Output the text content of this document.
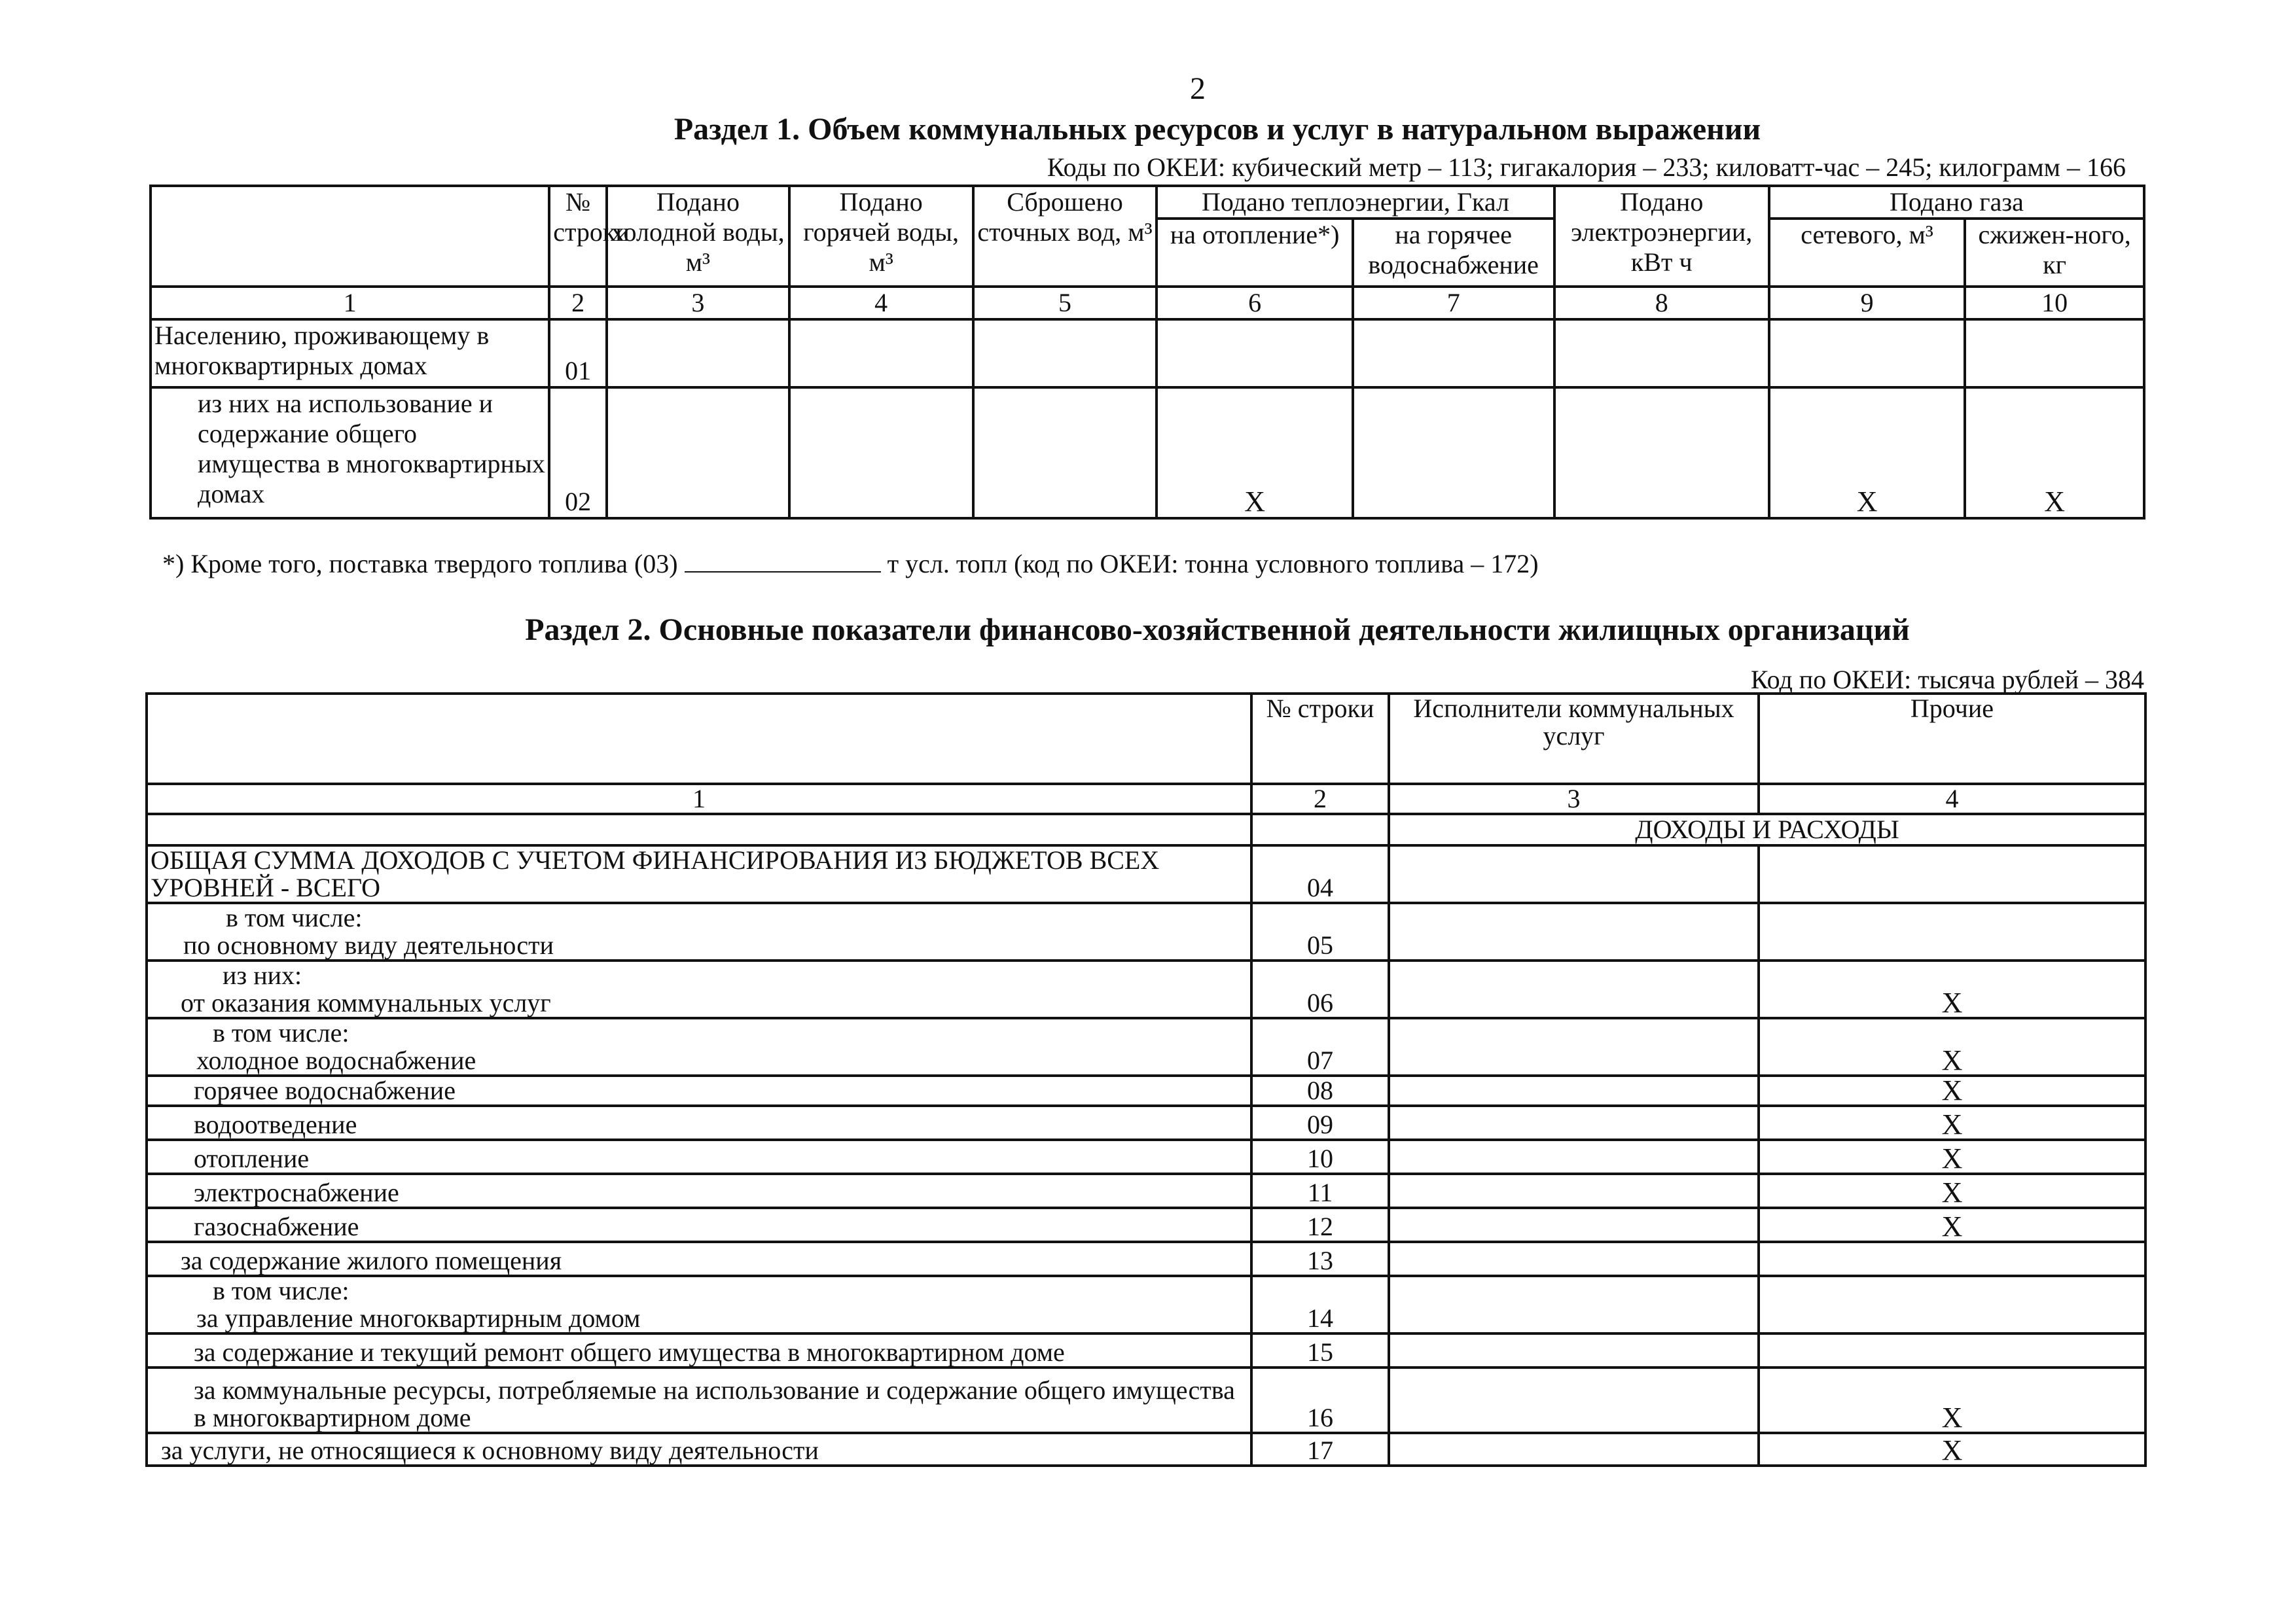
2
Раздел 1. Объем коммунальных ресурсов и услуг в натуральном выражении
Коды по ОКЕИ: кубический метр – 113; гигакалория – 233; киловатт-час – 245; килограмм – 166
	№ строки	Подано холодной воды, м³	Подано горячей воды, м³	Сброшено сточных вод, м³	Подано теплоэнергии, Гкал		Подано электроэнергии, кВт ч	Подано газа	
					на отопление*)	на горячее водоснабжение		сетевого, м³	сжижен-ного, кг
1	2	3	4	5	6	7	8	9	10
Населению, проживающему в многоквартирных домах	01								
из них на использование и содержание общего имущества в многоквартирных домах	02				X			X	X
*) Кроме того, поставка твердого топлива (03)	т усл. топл (код по ОКЕИ: тонна условного топлива – 172)
Раздел 2. Основные показатели финансово-хозяйственной деятельности жилищных организаций
Код по ОКЕИ: тысяча рублей – 384
	№ строки	Исполнители коммунальных услуг	Прочие
1	2	3	4
		ДОХОДЫ И РАСХОДЫ	
ОБЩАЯ СУММА ДОХОДОВ С УЧЕТОМ ФИНАНСИРОВАНИЯ ИЗ БЮДЖЕТОВ ВСЕХ УРОВНЕЙ - ВСЕГО	04		

в том числе:
по основному виду деятельности	05		

из них:
от оказания коммунальных услуг	06		X

в том числе:
холодное водоснабжение	07		X
горячее водоснабжение	08		X
водоотведение	09		X
отопление	10		X
электроснабжение	11		X
газоснабжение	12		X
за содержание жилого помещения	13		

в том числе:
за управление многоквартирным домом	14		
за содержание и текущий ремонт общего имущества в многоквартирном доме	15		
за коммунальные ресурсы, потребляемые на использование и содержание общего имущества в многоквартирном доме	16		X
за услуги, не относящиеся к основному виду деятельности	17		X
